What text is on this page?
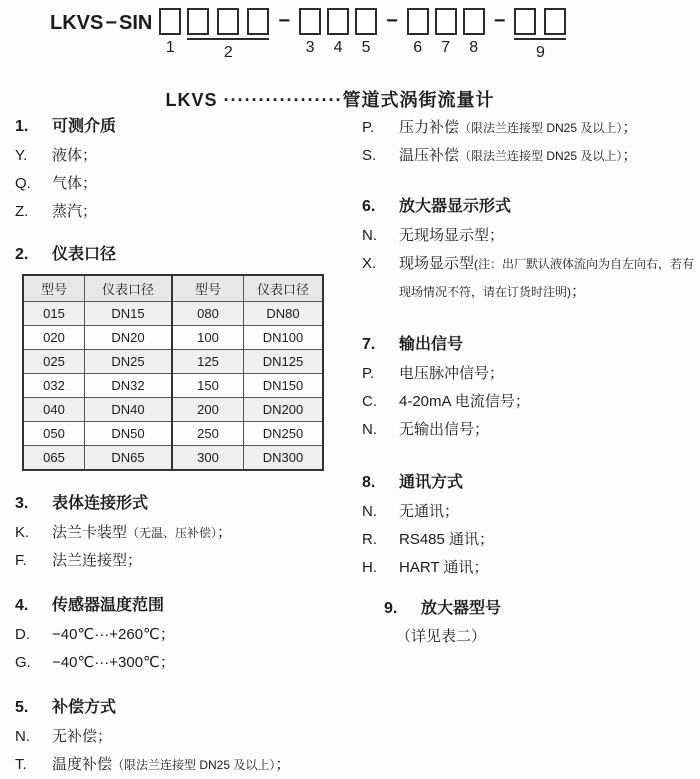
LKVS − SIN
1	2
−
3 4 5
−
6 7 8
−
9
LKVS ·················管道式涡街流量计
1.	可测介质
Y.	液体；
Q.	气体；
Z.	蒸汽；
2.	仪表口径
型号	仪表口径	型号	仪表口径
015	DN15	080	DN80
020	DN20	100	DN100
025	DN25	125	DN125
032	DN32	150	DN150
040	DN40	200	DN200
050	DN50	250	DN250
065	DN65	300	DN300
3.	表体连接形式
K.	法兰卡装型（无温、压补偿）；
F.	法兰连接型；
4.	传感器温度范围
D.	−40℃···+260℃；
G.	−40℃···+300℃；
5.	补偿方式
N.	无补偿；
T.	温度补偿（限法兰连接型 DN25 及以上）；
P.	压力补偿（限法兰连接型 DN25 及以上）；
S.	温压补偿（限法兰连接型 DN25 及以上）；
6.	放大器显示形式
N.	无现场显示型；
X.	现场显示型(注：出厂默认液体流向为自左向右，若有现场情况不符，请在订货时注明)；
7.	输出信号
P.	电压脉冲信号；
C.	4-20mA 电流信号；
N.	无输出信号；
8.	通讯方式
N.	无通讯；
R.	RS485 通讯；
H.	HART 通讯；
9.	放大器型号
（详见表二）
